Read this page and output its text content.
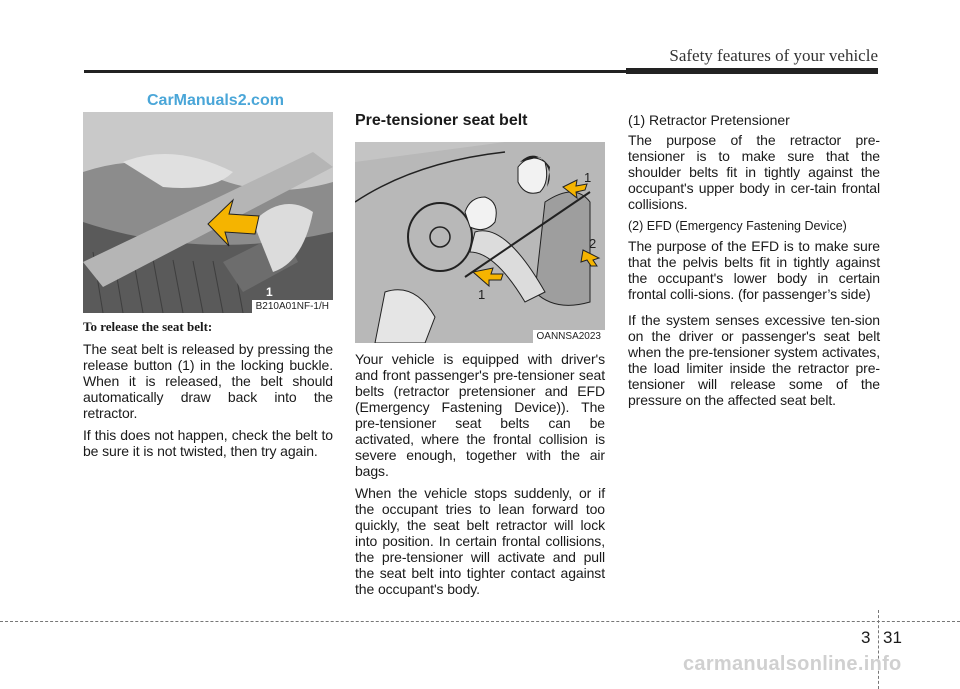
Safety features of your vehicle
CarManuals2.com
1
B210A01NF-1/H
To release the seat belt:

The seat belt is released by pressing the release button (1) in the locking buckle. When it is released, the belt should automatically draw back into the retractor.

If this does not happen, check the belt to be sure it is not twisted, then try again.

Pre-tensioner seat belt
1
2
1
OANNSA2023

Your vehicle is equipped with driver's and front passenger's pre-tensioner seat belts (retractor pretensioner and EFD (Emergency Fastening Device)). The pre-tensioner seat belts can be activated, where the frontal collision is severe enough, together with the air bags.

When the vehicle stops suddenly, or if the occupant tries to lean forward too quickly, the seat belt retractor will lock into position. In certain frontal collisions, the pre-tensioner will activate and pull the seat belt into tighter contact against the occupant's body.

(1) Retractor Pretensioner

The purpose of the retractor pre-tensioner is to make sure that the shoulder belts fit in tightly against the occupant's upper body in cer-tain frontal collisions.

(2) EFD (Emergency Fastening Device)

The purpose of the EFD is to make sure that the pelvis belts fit in tightly against the occupant's lower body in certain frontal colli-sions. (for passenger’s side)

If the system senses excessive ten-sion on the driver or passenger's seat belt when the pre-tensioner system activates, the load limiter inside the retractor pre-tensioner will release some of the pressure on the affected seat belt.

3 31
carmanualsonline.info
